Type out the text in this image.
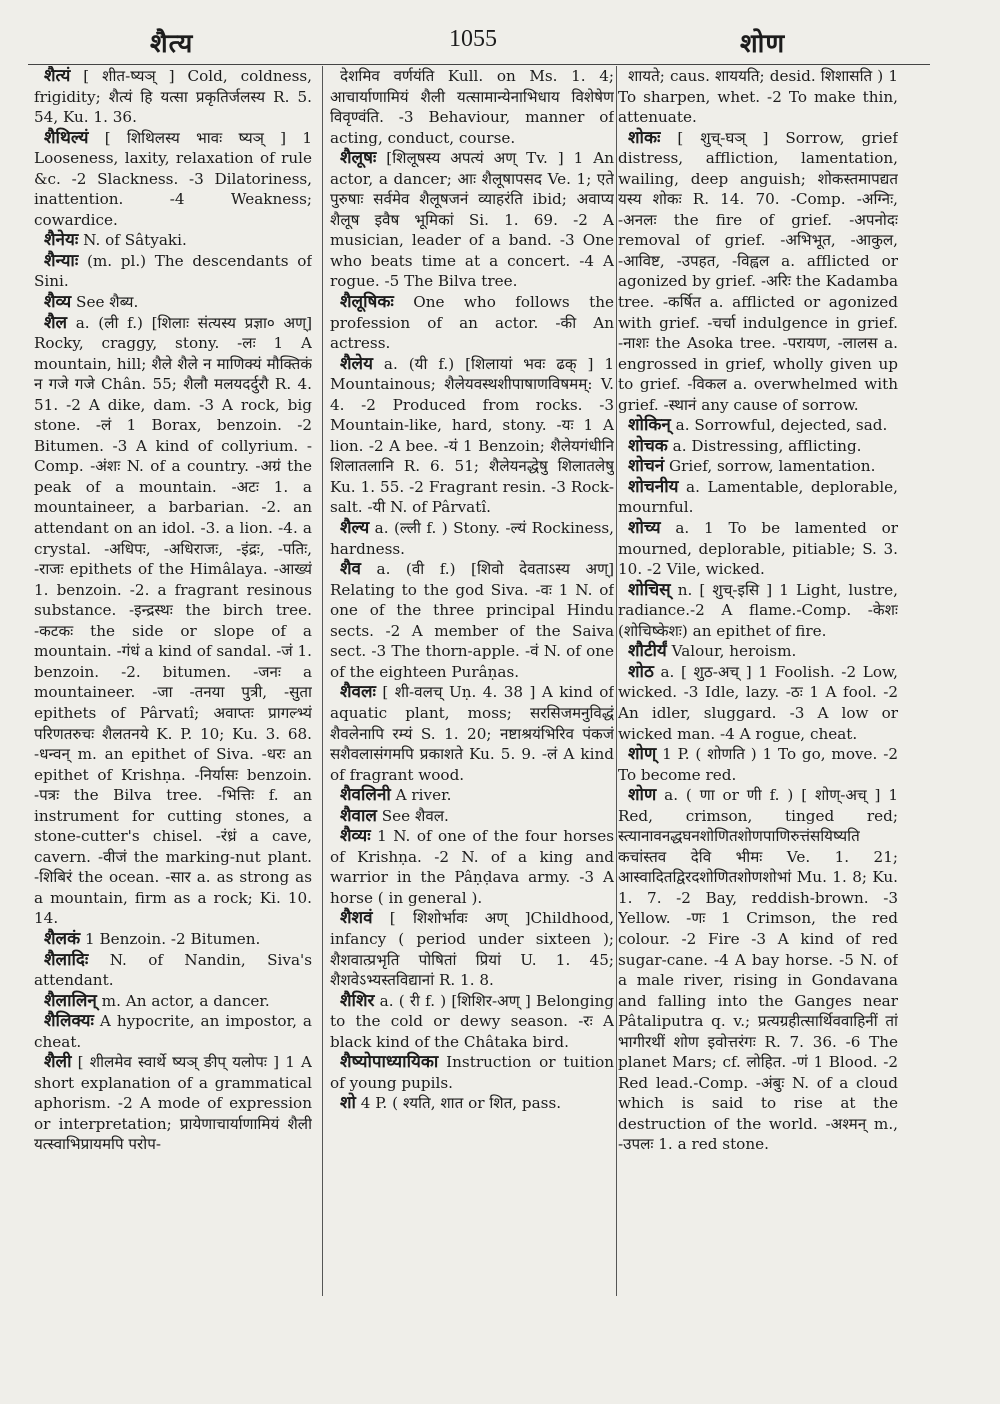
शैत्य	1055	शोण

शैत्यं [ शीत-ष्यञ् ] Cold, coldness, frigidity; शैत्यं हि यत्सा प्रकृतिर्जलस्य R. 5. 54, Ku. 1. 36.

शैथिल्यं [ शिथिलस्य भावः ष्यञ् ] 1 Looseness, laxity, relaxation of rule &c. -2 Slackness. -3 Dilatoriness, inattention. -4 Weakness; cowardice.

शैनेयः N. of Sâtyaki.

शैन्याः (m. pl.) The descendants of Sini.

शैव्य See शैब्य.

शैल a. (ली f.) [शिलाः संत्यस्य प्रज्ञा० अण्] Rocky, craggy, stony. -लः 1 A mountain, hill; शैले शैले न माणिक्यं मौक्तिकं न गजे गजे Chân. 55; शैलौ मलयदर्दुरौ R. 4. 51. -2 A dike, dam. -3 A rock, big stone. -लं 1 Borax, benzoin. -2 Bitumen. -3 A kind of collyrium. -Comp. -अंशः N. of a country. -अग्रं the peak of a mountain. -अटः 1. a mountaineer, a barbarian. -2. an attendant on an idol. -3. a lion. -4. a crystal. -अधिपः, -अधिराजः, -इंद्रः, -पतिः, -राजः epithets of the Himâlaya. -आख्यं 1. benzoin. -2. a fragrant resinous substance. -इन्द्रस्थः the birch tree. -कटकः the side or slope of a mountain. -गंधं a kind of sandal. -जं 1. benzoin. -2. bitumen. -जनः a mountaineer. -जा -तनया पुत्री, -सुता epithets of Pârvatî; अवाप्तः प्रागल्भ्यं परिणतरुचः शैलतनये K. P. 10; Ku. 3. 68. -धन्वन् m. an epithet of Siva. -धरः an epithet of Krishṇa. -निर्यासः benzoin. -पत्रः the Bilva tree. -भित्तिः f. an instrument for cutting stones, a stone-cutter's chisel. -रंध्रं a cave, cavern. -वीजं the marking-nut plant. -शिबिरं the ocean. -सार a. as strong as a mountain, firm as a rock; Ki. 10. 14.

शैलकं 1 Benzoin. -2 Bitumen.

शैलादिः N. of Nandin, Siva's attendant.

शैलालिन् m. An actor, a dancer.

शैलिक्यः A hypocrite, an impostor, a cheat.

शैली [ शीलमेव स्वार्थे ष्यञ् ङीप् यलोपः ] 1 A short explanation of a grammatical aphorism. -2 A mode of expression or interpretation; प्रायेणाचार्याणामियं शैली यत्स्वाभिप्रायमपि परोप-

देशमिव वर्णयंति Kull. on Ms. 1. 4; आचार्याणामियं शैली यत्सामान्येनाभिधाय विशेषेण विवृण्वंति. -3 Behaviour, manner of acting, conduct, course.

शैलूषः [शिलूषस्य अपत्यं अण् Tv. ] 1 An actor, a dancer; आः शैलूषापसद Ve. 1; एते पुरुषाः सर्वमेव शैलूषजनं व्याहरंति ibid; अवाप्य शैलूष इवैष भूमिकां Si. 1. 69. -2 A musician, leader of a band. -3 One who beats time at a concert. -4 A rogue. -5 The Bilva tree.

शैलूषिकः One who follows the profession of an actor. -की An actress.

शैलेय a. (यी f.) [शिलायां भवः ढक् ] 1 Mountainous; शैलेयवस्थशीपाषाणविषमम्: V. 4. -2 Produced from rocks. -3 Mountain-like, hard, stony. -यः 1 A lion. -2 A bee. -यं 1 Benzoin; शैलेयगंधीनि शिलातलानि R. 6. 51; शैलेयनद्धेषु शिलातलेषु Ku. 1. 55. -2 Fragrant resin. -3 Rock-salt. -यी N. of Pârvatî.

शैल्य a. (ल्ली f. ) Stony. -ल्यं Rockiness, hardness.

शैव a. (वी f.) [शिवो देवताऽस्य अण्] Relating to the god Siva. -वः 1 N. of one of the three principal Hindu sects. -2 A member of the Saiva sect. -3 The thorn-apple. -वं N. of one of the eighteen Purâṇas.

शैवलः [ शी-वलच् Uṇ. 4. 38 ] A kind of aquatic plant, moss; सरसिजमनुविद्धं शैवलेनापि रम्यं S. 1. 20; नष्टाश्रयंभिरिव पंकजं सशैवलासंगमपि प्रकाशते Ku. 5. 9. -लं A kind of fragrant wood.

शैवलिनी A river.

शैवाल See शैवल.

शैव्यः 1 N. of one of the four horses of Krishṇa. -2 N. of a king and warrior in the Pâṇḍava army. -3 A horse ( in general ).

शैशवं [ शिशोर्भावः अण् ]Childhood, infancy ( period under sixteen ); शैशवात्प्रभृति पोषितां प्रियां U. 1. 45; शैशवेऽभ्यस्तविद्यानां R. 1. 8.

शैशिर a. ( री f. ) [शिशिर-अण् ] Belonging to the cold or dewy season. -रः A black kind of the Châtaka bird.

शैष्योपाध्यायिका Instruction or tuition of young pupils.

शो 4 P. ( श्यति, शात or शित, pass.

शायते; caus. शाययति; desid. शिशासति ) 1 To sharpen, whet. -2 To make thin, attenuate.

शोकः [ शुच्-घञ् ] Sorrow, grief distress, affliction, lamentation, wailing, deep anguish; शोकस्तमापद्यत यस्य शोकः R. 14. 70. -Comp. -अग्निः, -अनलः the fire of grief. -अपनोदः removal of grief. -अभिभूत, -आकुल, -आविष्ट, -उपहत, -विह्वल a. afflicted or agonized by grief. -अरिः the Kadamba tree. -कर्षित a. afflicted or agonized with grief. -चर्चा indulgence in grief. -नाशः the Asoka tree. -परायण, -लालस a. engrossed in grief, wholly given up to grief. -विकल a. overwhelmed with grief. -स्थानं any cause of sorrow.

शोकिन् a. Sorrowful, dejected, sad.

शोचक a. Distressing, afflicting.

शोचनं Grief, sorrow, lamentation.

शोचनीय a. Lamentable, deplorable, mournful.

शोच्य a. 1 To be lamented or mourned, deplorable, pitiable; S. 3. 10. -2 Vile, wicked.

शोचिस् n. [ शुच्-इसि ] 1 Light, lustre, radiance.-2 A flame.-Comp. -केशः (शोचिष्केशः) an epithet of fire.

शौटीर्यं Valour, heroism.

शोठ a. [ शुठ-अच् ] 1 Foolish. -2 Low, wicked. -3 Idle, lazy. -ठः 1 A fool. -2 An idler, sluggard. -3 A low or wicked man. -4 A rogue, cheat.

शोण् 1 P. ( शोणति ) 1 To go, move. -2 To become red.

शोण a. ( णा or णी f. ) [ शोण्-अच् ] 1 Red, crimson, tinged red; स्त्यानावनद्धघनशोणितशोणपाणिरुत्तंसयिष्यति कचांस्तव देवि भीमः Ve. 1. 21; आस्वादितद्विरदशोणितशोणशोभां Mu. 1. 8; Ku. 1. 7. -2 Bay, reddish-brown. -3 Yellow. -णः 1 Crimson, the red colour. -2 Fire -3 A kind of red sugar-cane. -4 A bay horse. -5 N. of a male river, rising in Gondavana and falling into the Ganges near Pâtaliputra q. v.; प्रत्यग्रहीत्सार्थिववाहिनीं तां भागीरथीं शोण इवोत्तरंगः R. 7. 36. -6 The planet Mars; cf. लोहित. -णं 1 Blood. -2 Red lead.-Comp. -अंबुः N. of a cloud which is said to rise at the destruction of the world. -अश्मन् m., -उपलः 1. a red stone.
